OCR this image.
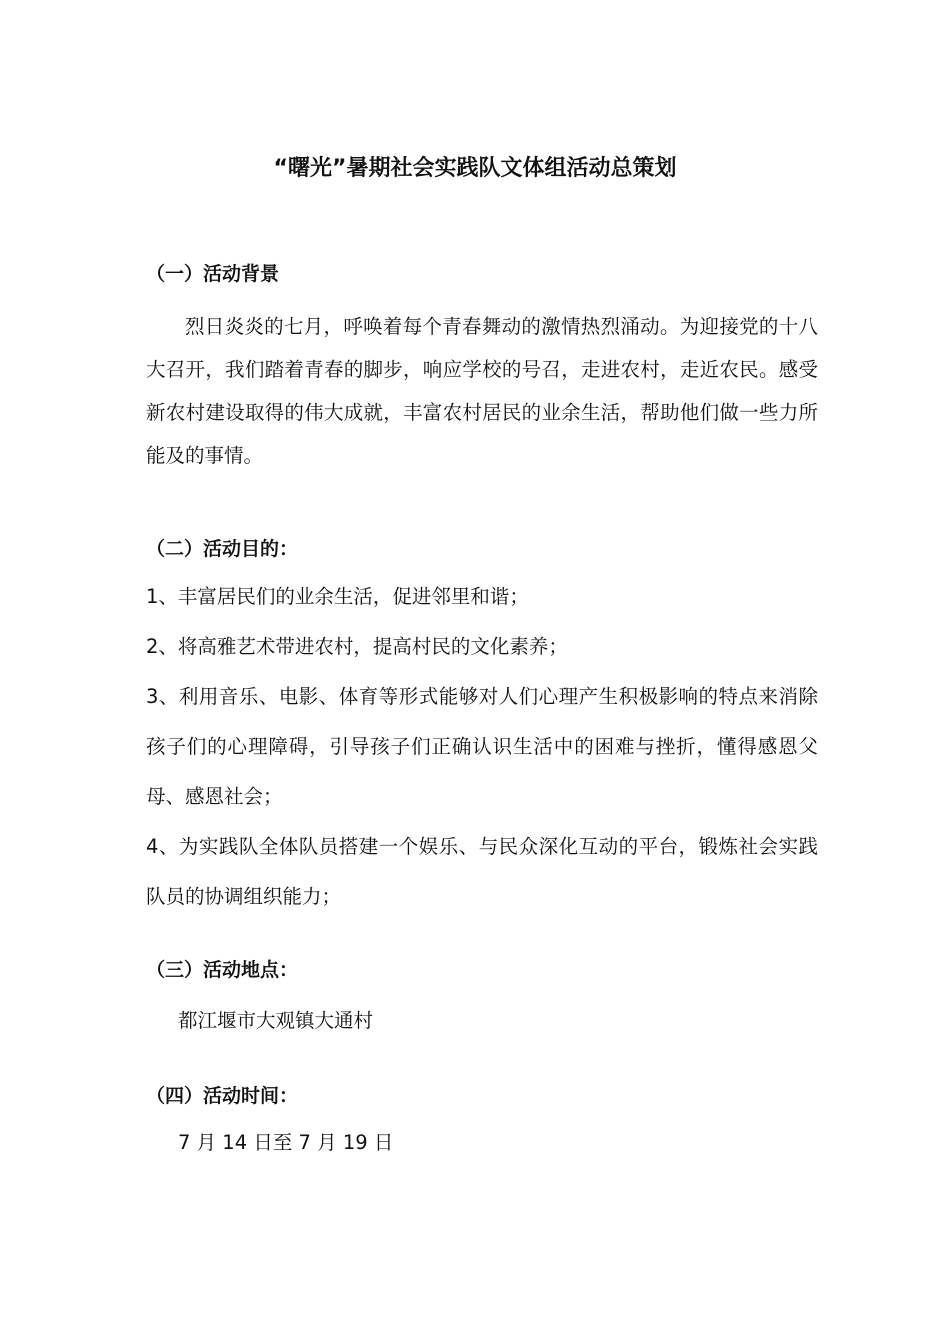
“曙光”暑期社会实践队文体组活动总策划
（一）活动背景
烈日炎炎的七月，呼唤着每个青春舞动的激情热烈涌动。为迎接党的十八大召开，我们踏着青春的脚步，响应学校的号召，走进农村，走近农民。感受新农村建设取得的伟大成就，丰富农村居民的业余生活，帮助他们做一些力所能及的事情。
（二）活动目的：
1、丰富居民们的业余生活，促进邻里和谐；
2、将高雅艺术带进农村，提高村民的文化素养；
3、利用音乐、电影、体育等形式能够对人们心理产生积极影响的特点来消除孩子们的心理障碍，引导孩子们正确认识生活中的困难与挫折，懂得感恩父母、感恩社会；
4、为实践队全体队员搭建一个娱乐、与民众深化互动的平台，锻炼社会实践队员的协调组织能力；
（三）活动地点：
都江堰市大观镇大通村
（四）活动时间：
7 月 14 日至 7 月 19 日
